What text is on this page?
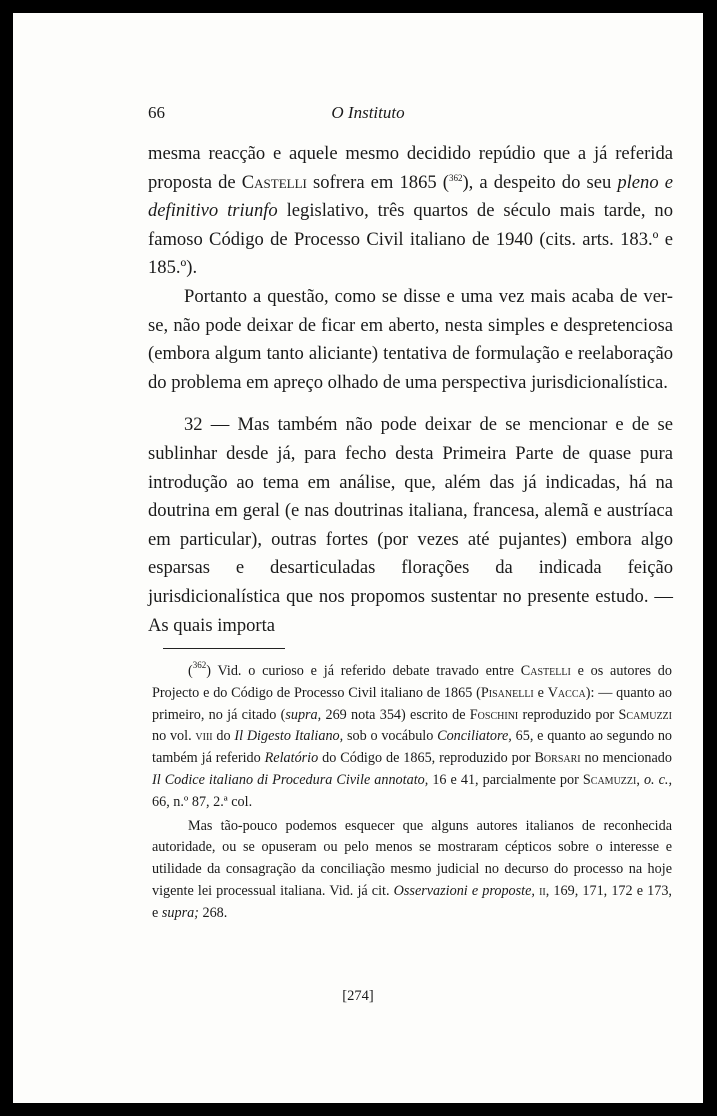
66	O Instituto

mesma reacção e aquele mesmo decidido repúdio que a já referida proposta de Castelli sofrera em 1865 ($^{362}$), a despeito do seu pleno e definitivo triunfo legislativo, três quartos de século mais tarde, no famoso Código de Processo Civil italiano de 1940 (cits. arts. 183.º e 185.º).

Portanto a questão, como se disse e uma vez mais acaba de ver-se, não pode deixar de ficar em aberto, nesta simples e despretenciosa (embora algum tanto aliciante) tentativa de formulação e reelaboração do problema em apreço olhado de uma perspectiva jurisdicionalística.

32 — Mas também não pode deixar de se mencionar e de se sublinhar desde já, para fecho desta Primeira Parte de quase pura introdução ao tema em análise, que, além das já indicadas, há na doutrina em geral (e nas doutrinas italiana, francesa, alemã e austríaca em particular), outras fortes (por vezes até pujantes) embora algo esparsas e desarticuladas florações da indicada feição jurisdicionalística que nos propomos sustentar no presente estudo. — As quais importa

($^{362}$) Vid. o curioso e já referido debate travado entre Castelli e os autores do Projecto e do Código de Processo Civil italiano de 1865 (Pisanelli e Vacca): — quanto ao primeiro, no já citado (supra, 269 nota 354) escrito de Foschini reproduzido por Scamuzzi no vol. viii do Il Digesto Italiano, sob o vocábulo Conciliatore, 65, e quanto ao segundo no também já referido Relatório do Código de 1865, reproduzido por Borsari no mencionado Il Codice italiano di Procedura Civile annotato, 16 e 41, parcialmente por Scamuzzi, o. c., 66, n.º 87, 2.ª col.

Mas tão-pouco podemos esquecer que alguns autores italianos de reconhecida autoridade, ou se opuseram ou pelo menos se mostraram cépticos sobre o interesse e utilidade da consagração da conciliação mesmo judicial no decurso do processo na hoje vigente lei processual italiana. Vid. já cit. Osservazioni e proposte, ii, 169, 171, 172 e 173, e supra; 268.

[274]
